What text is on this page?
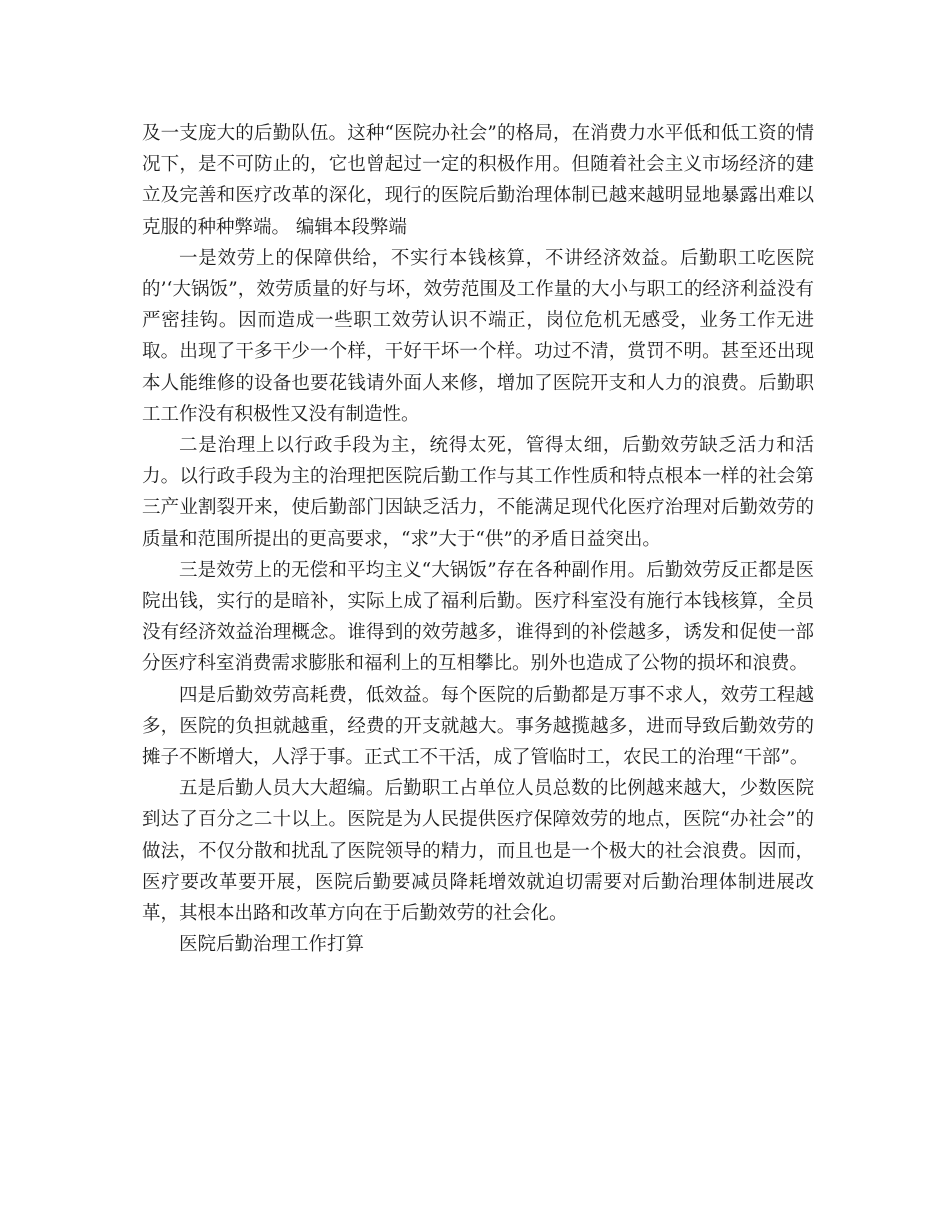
及一支庞大的后勤队伍。这种“医院办社会”的格局，在消费力水平低和低工资的情况下，是不可防止的，它也曾起过一定的积极作用。但随着社会主义市场经济的建立及完善和医疗改革的深化，现行的医院后勤治理体制已越来越明显地暴露出难以克服的种种弊端。 编辑本段弊端

一是效劳上的保障供给，不实行本钱核算，不讲经济效益。后勤职工吃医院的’‘大锅饭”，效劳质量的好与坏，效劳范围及工作量的大小与职工的经济利益没有严密挂钩。因而造成一些职工效劳认识不端正，岗位危机无感受，业务工作无进取。出现了干多干少一个样，干好干坏一个样。功过不清，赏罚不明。甚至还出现本人能维修的设备也要花钱请外面人来修，增加了医院开支和人力的浪费。后勤职工工作没有积极性又没有制造性。

二是治理上以行政手段为主，统得太死，管得太细，后勤效劳缺乏活力和活力。以行政手段为主的治理把医院后勤工作与其工作性质和特点根本一样的社会第三产业割裂开来，使后勤部门因缺乏活力，不能满足现代化医疗治理对后勤效劳的质量和范围所提出的更高要求，“求”大于“供”的矛盾日益突出。

三是效劳上的无偿和平均主义“大锅饭”存在各种副作用。后勤效劳反正都是医院出钱，实行的是暗补，实际上成了福利后勤。医疗科室没有施行本钱核算，全员没有经济效益治理概念。谁得到的效劳越多，谁得到的补偿越多，诱发和促使一部分医疗科室消费需求膨胀和福利上的互相攀比。别外也造成了公物的损坏和浪费。

四是后勤效劳高耗费，低效益。每个医院的后勤都是万事不求人，效劳工程越多，医院的负担就越重，经费的开支就越大。事务越揽越多，进而导致后勤效劳的摊子不断增大，人浮于事。正式工不干活，成了管临时工，农民工的治理“干部”。

五是后勤人员大大超编。后勤职工占单位人员总数的比例越来越大，少数医院到达了百分之二十以上。医院是为人民提供医疗保障效劳的地点，医院“办社会”的做法，不仅分散和扰乱了医院领导的精力，而且也是一个极大的社会浪费。因而，医疗要改革要开展，医院后勤要减员降耗增效就迫切需要对后勤治理体制进展改革，其根本出路和改革方向在于后勤效劳的社会化。

医院后勤治理工作打算
